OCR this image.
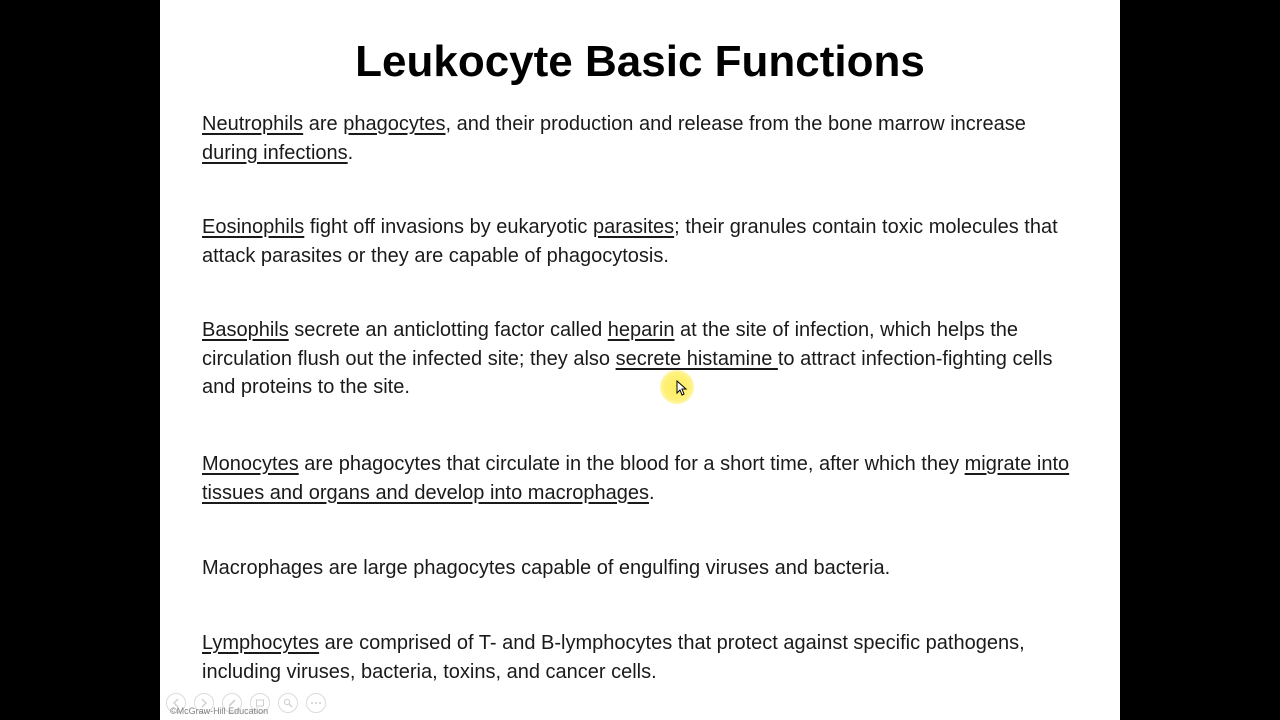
Leukocyte Basic Functions

Neutrophils are phagocytes, and their production and release from the bone marrow increase during infections.

Eosinophils fight off invasions by eukaryotic parasites; their granules contain toxic molecules that attack parasites or they are capable of phagocytosis.

Basophils secrete an anticlotting factor called heparin at the site of infection, which helps the circulation flush out the infected site; they also secrete histamine to attract infection-fighting cells and proteins to the site.

Monocytes are phagocytes that circulate in the blood for a short time, after which they migrate into tissues and organs and develop into macrophages.

Macrophages are large phagocytes capable of engulfing viruses and bacteria.

Lymphocytes are comprised of T- and B-lymphocytes that protect against specific pathogens, including viruses, bacteria, toxins, and cancer cells.

©McGraw-Hill Education
